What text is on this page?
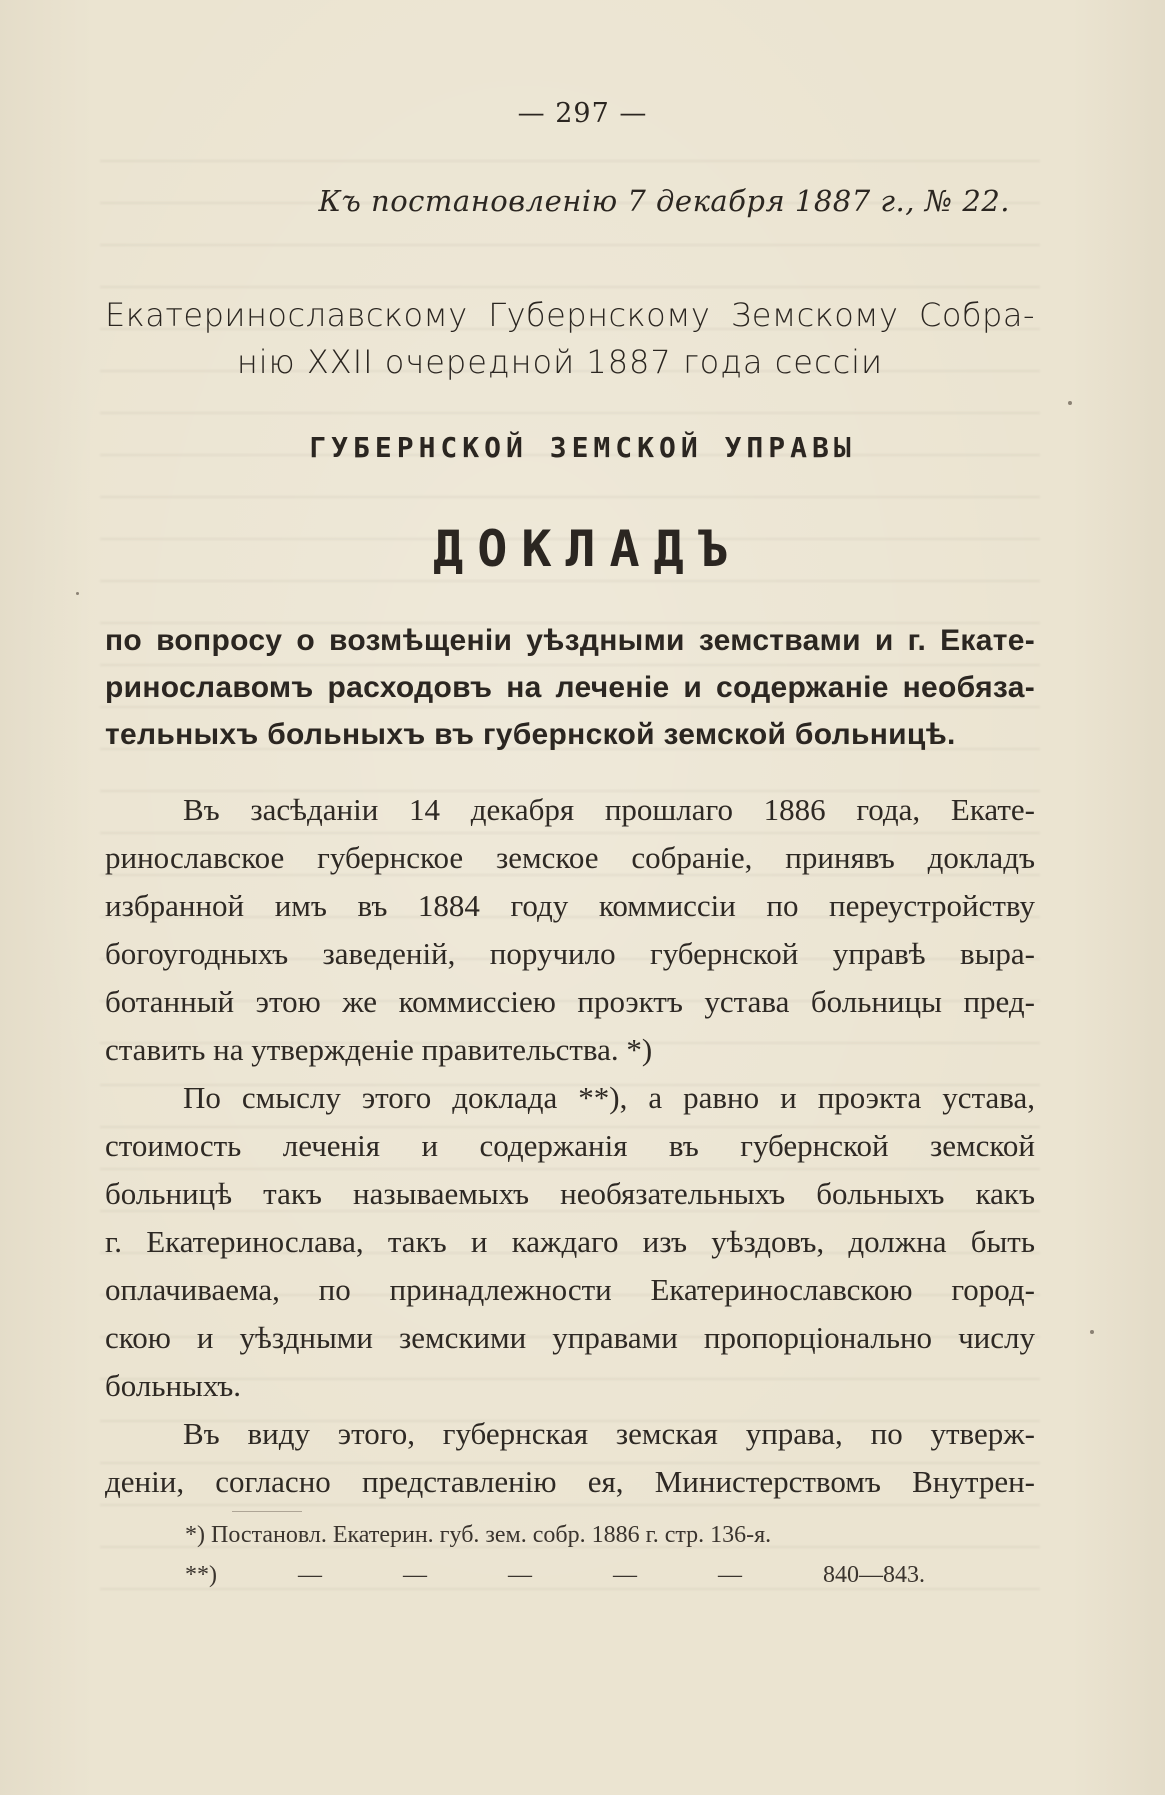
— 297 —
Къ постановленію 7 декабря 1887 г., № 22.
Екатеринославскому Губернскому Земскому Собра-
нію XXII очередной 1887 года сессіи
ГУБЕРНСКОЙ ЗЕМСКОЙ УПРАВЫ
ДОКЛАДЪ
по вопросу о возмѣщеніи уѣздными земствами и г. Екате-
ринославомъ расходовъ на леченіе и содержаніе необяза-
тельныхъ больныхъ въ губернской земской больницѣ.
Въ засѣданіи 14 декабря прошлаго 1886 года, Екате-
ринославское губернское земское собраніе, принявъ докладъ
избранной имъ въ 1884 году коммиссіи по переустройству
богоугодныхъ заведеній, поручило губернской управѣ выра-
ботанный этою же коммиссіею проэктъ устава больницы пред-
ставить на утвержденіе правительства. *)
По смыслу этого доклада **), а равно и проэкта устава,
стоимость леченія и содержанія въ губернской земской
больницѣ такъ называемыхъ необязательныхъ больныхъ какъ
г. Екатеринослава, такъ и каждаго изъ уѣздовъ, должна быть
оплачиваема, по принадлежности Екатеринославскою город-
скою и уѣздными земскими управами пропорціонально числу
больныхъ.
Въ виду этого, губернская земская управа, по утверж-
деніи, согласно представленію ея, Министерствомъ Внутрен-
*) Постановл. Екатерин. губ. зем. собр. 1886 г. стр. 136-я.
**)	—	—	—	—	—	840—843.
